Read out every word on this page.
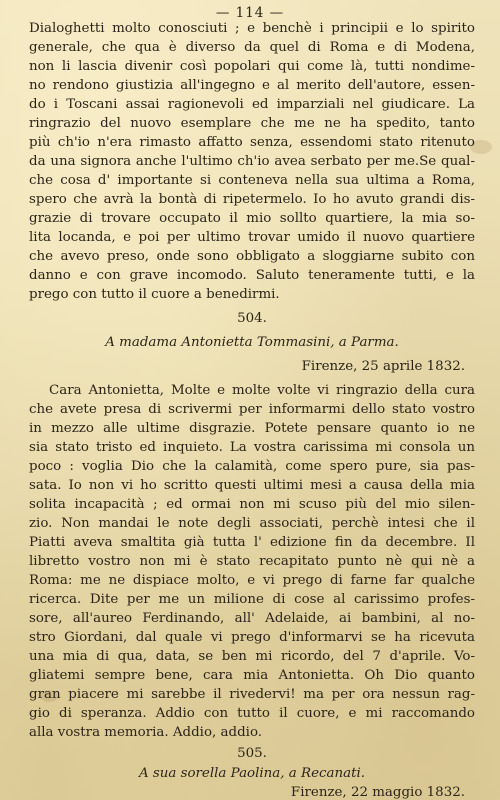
— 114 —
Dialoghetti molto conosciuti ; e benchè i principii e lo spirito
generale, che qua è diverso da quel di Roma e di Modena,
non li lascia divenir così popolari qui come là, tutti nondime-
no rendono giustizia all'ingegno e al merito dell'autore, essen-
do i Toscani assai ragionevoli ed imparziali nel giudicare. La
ringrazio del nuovo esemplare che me ne ha spedito, tanto
più ch'io n'era rimasto affatto senza, essendomi stato ritenuto
da una signora anche l'ultimo ch'io avea serbato per me.Se qual-
che cosa d' importante si conteneva nella sua ultima a Roma,
spero che avrà la bontà di ripetermelo. Io ho avuto grandi dis-
grazie di trovare occupato il mio sollto quartiere, la mia so-
lita locanda, e poi per ultimo trovar umido il nuovo quartiere
che avevo preso, onde sono obbligato a sloggiarne subito con
danno e con grave incomodo. Saluto teneramente tutti, e la
prego con tutto il cuore a benedirmi.
504.
A madama Antonietta Tommasini, a Parma.
Firenze, 25 aprile 1832.
Cara Antonietta, Molte e molte volte vi ringrazio della cura
che avete presa di scrivermi per informarmi dello stato vostro
in mezzo alle ultime disgrazie. Potete pensare quanto io ne
sia stato tristo ed inquieto. La vostra carissima mi consola un
poco : voglia Dio che la calamità, come spero pure, sia pas-
sata. Io non vi ho scritto questi ultimi mesi a causa della mia
solita incapacità ; ed ormai non mi scuso più del mio silen-
zio. Non mandai le note degli associati, perchè intesi che il
Piatti aveva smaltita già tutta l' edizione fin da decembre. Il
libretto vostro non mi è stato recapitato punto nè qui nè a
Roma: me ne dispiace molto, e vi prego di farne far qualche
ricerca. Dite per me un milione di cose al carissimo profes-
sore, all'aureo Ferdinando, all' Adelaide, ai bambini, al no-
stro Giordani, dal quale vi prego d'informarvi se ha ricevuta
una mia di qua, data, se ben mi ricordo, del 7 d'aprile. Vo-
gliatemi sempre bene, cara mia Antonietta. Oh Dio quanto
gran piacere mi sarebbe il rivedervi! ma per ora nessun rag-
gio di speranza. Addio con tutto il cuore, e mi raccomando
alla vostra memoria. Addio, addio.
505.
A sua sorella Paolina, a Recanati.
Firenze, 22 maggio 1832.
